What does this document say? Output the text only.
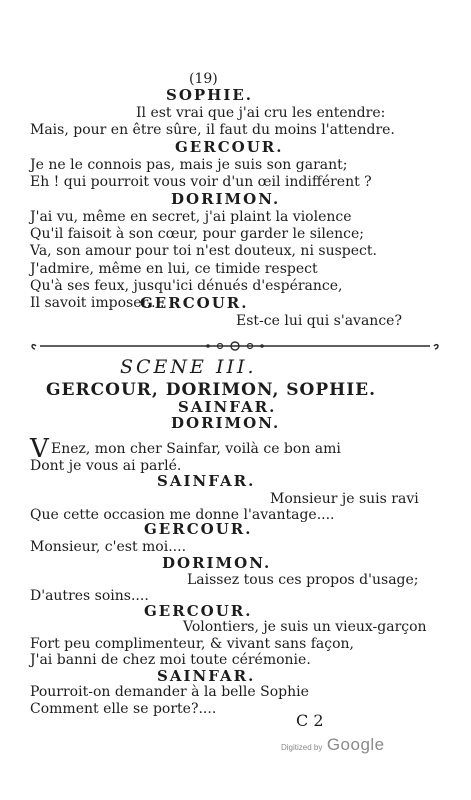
(19)
SOPHIE.
Il est vrai que j'ai cru les entendre:
Mais, pour en être sûre, il faut du moins l'attendre.
GERCOUR.
Je ne le connois pas, mais je suis son garant;
Eh ! qui pourroit vous voir d'un œil indifférent ?
DORIMON.
J'ai vu, même en secret, j'ai plaint la violence
Qu'il faisoit à son cœur, pour garder le silence;
Va, son amour pour toi n'est douteux, ni suspect.
J'admire, même en lui, ce timide respect
Qu'à ses feux, jusqu'ici dénués d'espérance,
Il savoit imposer....
GERCOUR.
Est-ce lui qui s'avance?
SCENE III.
GERCOUR, DORIMON, SOPHIE.
SAINFAR.
DORIMON.
V Enez, mon cher Sainfar, voilà ce bon ami
Dont je vous ai parlé.
SAINFAR.
Monsieur je suis ravi
Que cette occasion me donne l'avantage....
GERCOUR.
Monsieur, c'est moi....
DORIMON.
Laissez tous ces propos d'usage;
D'autres soins....
GERCOUR.
Volontiers, je suis un vieux-garçon
Fort peu complimenteur, & vivant sans façon,
J'ai banni de chez moi toute cérémonie.
SAINFAR.
Pourroit-on demander à la belle Sophie
Comment elle se porte?....
C 2
Digitized by Google
